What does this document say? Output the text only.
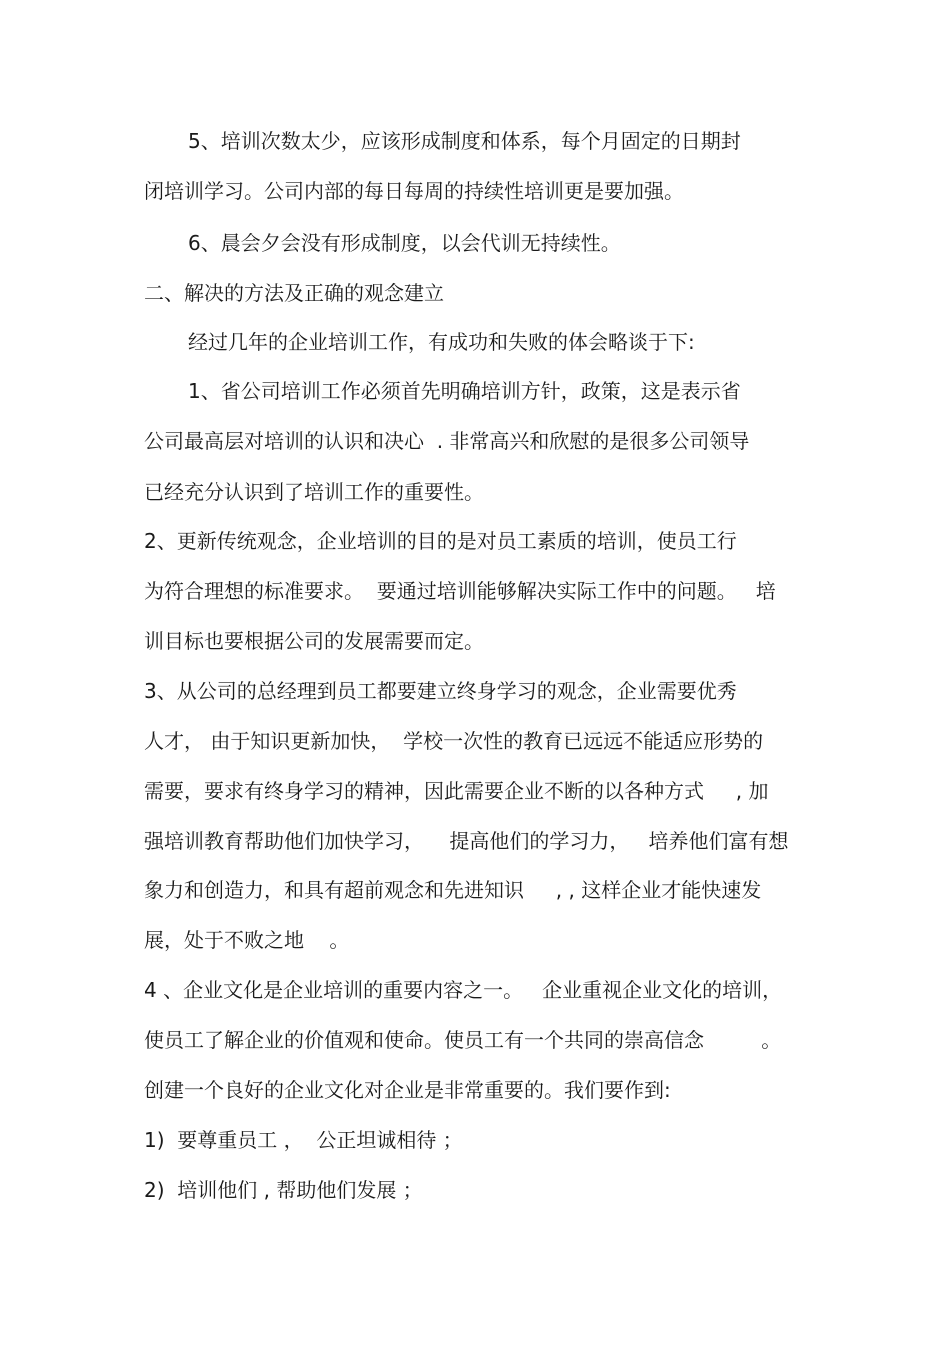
5、培训次数太少，应该形成制度和体系，每个月固定的日期封

闭培训学习。公司内部的每日每周的持续性培训更是要加强。

6、晨会夕会没有形成制度，以会代训无持续性。

二、解决的方法及正确的观念建立

经过几年的企业培训工作，有成功和失败的体会略谈于下:

1、省公司培训工作必须首先明确培训方针，政策，这是表示省

公司最高层对培训的认识和决心  . 非常高兴和欣慰的是很多公司领导

已经充分认识到了培训工作的重要性。

2、更新传统观念，企业培训的目的是对员工素质的培训，使员工行

为符合理想的标准要求。  要通过培训能够解决实际工作中的问题。   培

训目标也要根据公司的发展需要而定。

3、从公司的总经理到员工都要建立终身学习的观念，企业需要优秀

人才， 由于知识更新加快，  学校一次性的教育已远远不能适应形势的

需要，要求有终身学习的精神，因此需要企业不断的以各种方式     , 加

强培训教育帮助他们加快学习，    提高他们的学习力，   培养他们富有想

象力和创造力，和具有超前观念和先进知识     , , 这样企业才能快速发

展，处于不败之地    。

4 、企业文化是企业培训的重要内容之一。   企业重视企业文化的培训，

使员工了解企业的价值观和使命。使员工有一个共同的崇高信念         。

创建一个良好的企业文化对企业是非常重要的。我们要作到:

1)  要尊重员工 ，  公正坦诚相待 ；

2)  培训他们 , 帮助他们发展 ；
